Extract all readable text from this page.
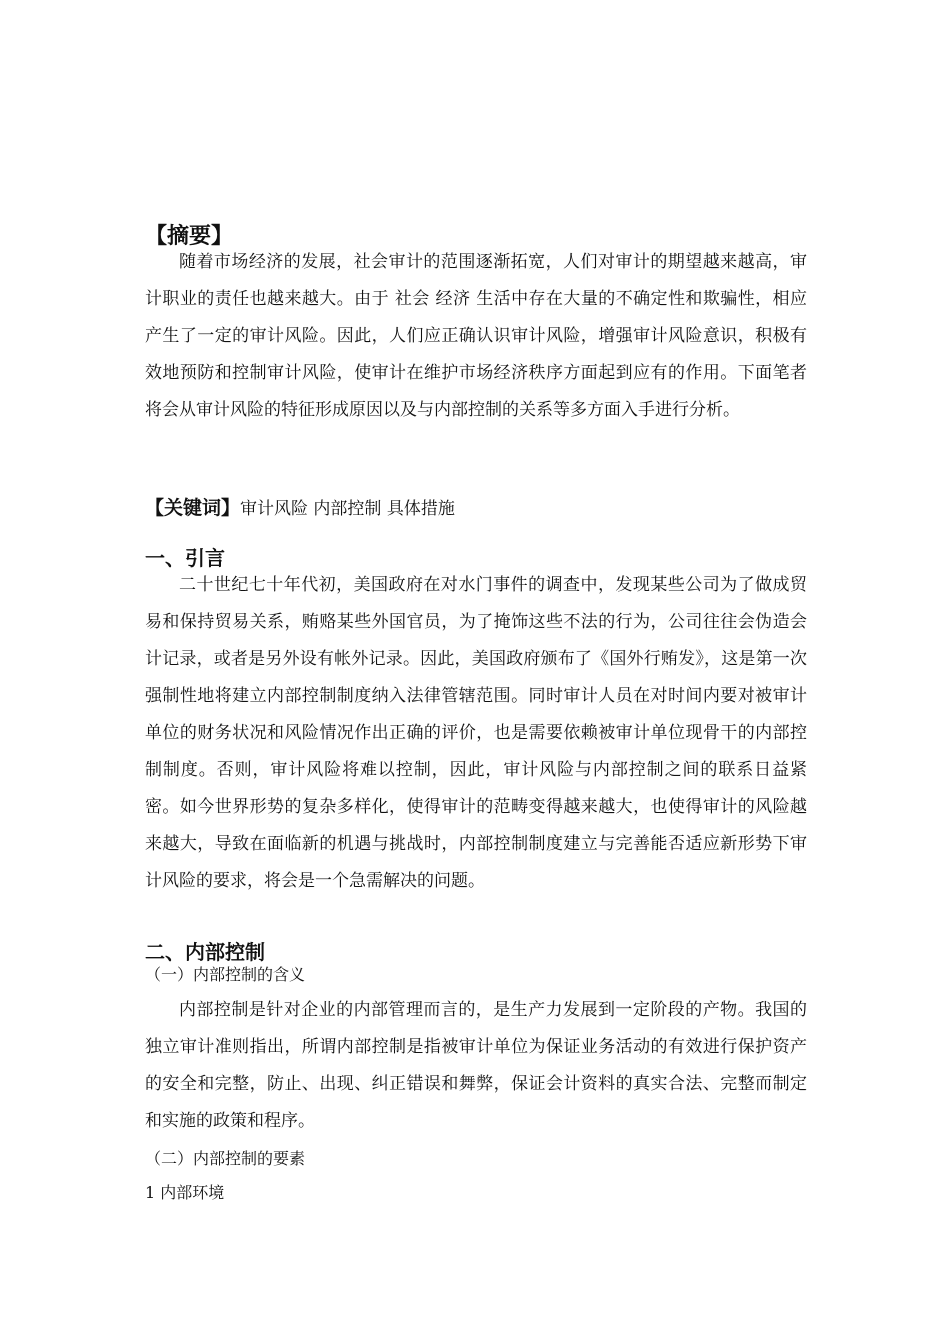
【摘要】

随着市场经济的发展，社会审计的范围逐渐拓宽，人们对审计的期望越来越高，审计职业的责任也越来越大。由于 社会 经济 生活中存在大量的不确定性和欺骗性，相应产生了一定的审计风险。因此，人们应正确认识审计风险，增强审计风险意识，积极有效地预防和控制审计风险，使审计在维护市场经济秩序方面起到应有的作用。下面笔者将会从审计风险的特征形成原因以及与内部控制的关系等多方面入手进行分析。

【关键词】审计风险 内部控制 具体措施
一、引言

二十世纪七十年代初，美国政府在对水门事件的调查中，发现某些公司为了做成贸易和保持贸易关系，贿赂某些外国官员，为了掩饰这些不法的行为，公司往往会伪造会计记录，或者是另外设有帐外记录。因此，美国政府颁布了《国外行贿发》，这是第一次强制性地将建立内部控制制度纳入法律管辖范围。同时审计人员在对时间内要对被审计单位的财务状况和风险情况作出正确的评价，也是需要依赖被审计单位现骨干的内部控制制度。否则，审计风险将难以控制，因此，审计风险与内部控制之间的联系日益紧密。如今世界形势的复杂多样化，使得审计的范畴变得越来越大，也使得审计的风险越来越大，导致在面临新的机遇与挑战时，内部控制制度建立与完善能否适应新形势下审计风险的要求，将会是一个急需解决的问题。

二、内部控制
（一）内部控制的含义

内部控制是针对企业的内部管理而言的，是生产力发展到一定阶段的产物。我国的独立审计准则指出，所谓内部控制是指被审计单位为保证业务活动的有效进行保护资产的安全和完整，防止、出现、纠正错误和舞弊，保证会计资料的真实合法、完整而制定和实施的政策和程序。

（二）内部控制的要素
1 内部环境
